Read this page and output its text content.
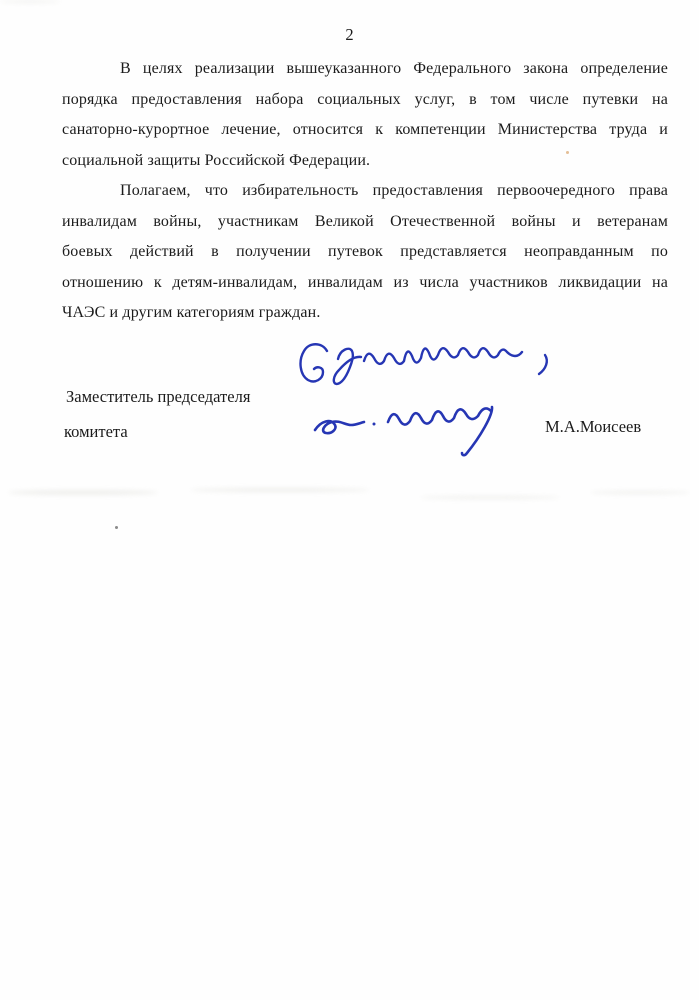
2
В целях реализации вышеуказанного Федерального закона определение
порядка предоставления набора социальных услуг, в том числе путевки на
санаторно-курортное лечение, относится к компетенции Министерства труда и
социальной защиты Российской Федерации.
Полагаем, что избирательность предоставления первоочередного права
инвалидам войны, участникам Великой Отечественной войны и ветеранам
боевых действий в получении путевок представляется неоправданным по
отношению к детям-инвалидам, инвалидам из числа участников ликвидации на
ЧАЭС и другим категориям граждан.
Заместитель председателя
комитета	М.А.Моисеев
